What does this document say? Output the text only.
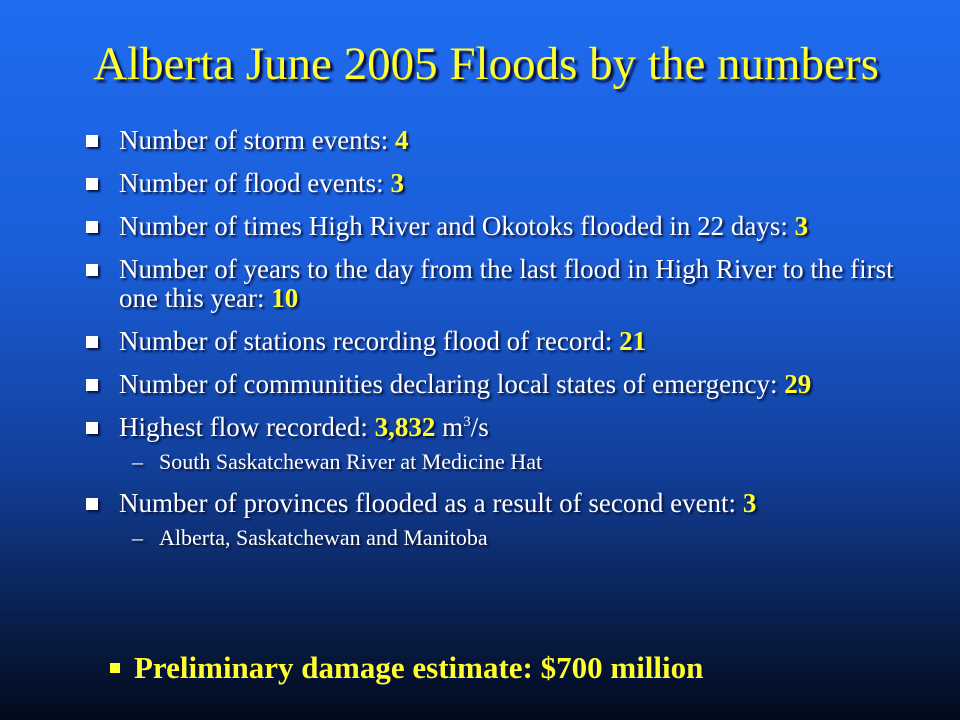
Alberta June 2005 Floods by the numbers
Number of storm events: 4
Number of flood events: 3
Number of times High River and Okotoks flooded in 22 days: 3
Number of years to the day from the last flood in High River to the first one this year: 10
Number of stations recording flood of record: 21
Number of communities declaring local states of emergency: 29
Highest flow recorded: 3,832 $m^3/s$
– South Saskatchewan River at Medicine Hat
Number of provinces flooded as a result of second event: 3
– Alberta, Saskatchewan and Manitoba
Preliminary damage estimate: $700 million
